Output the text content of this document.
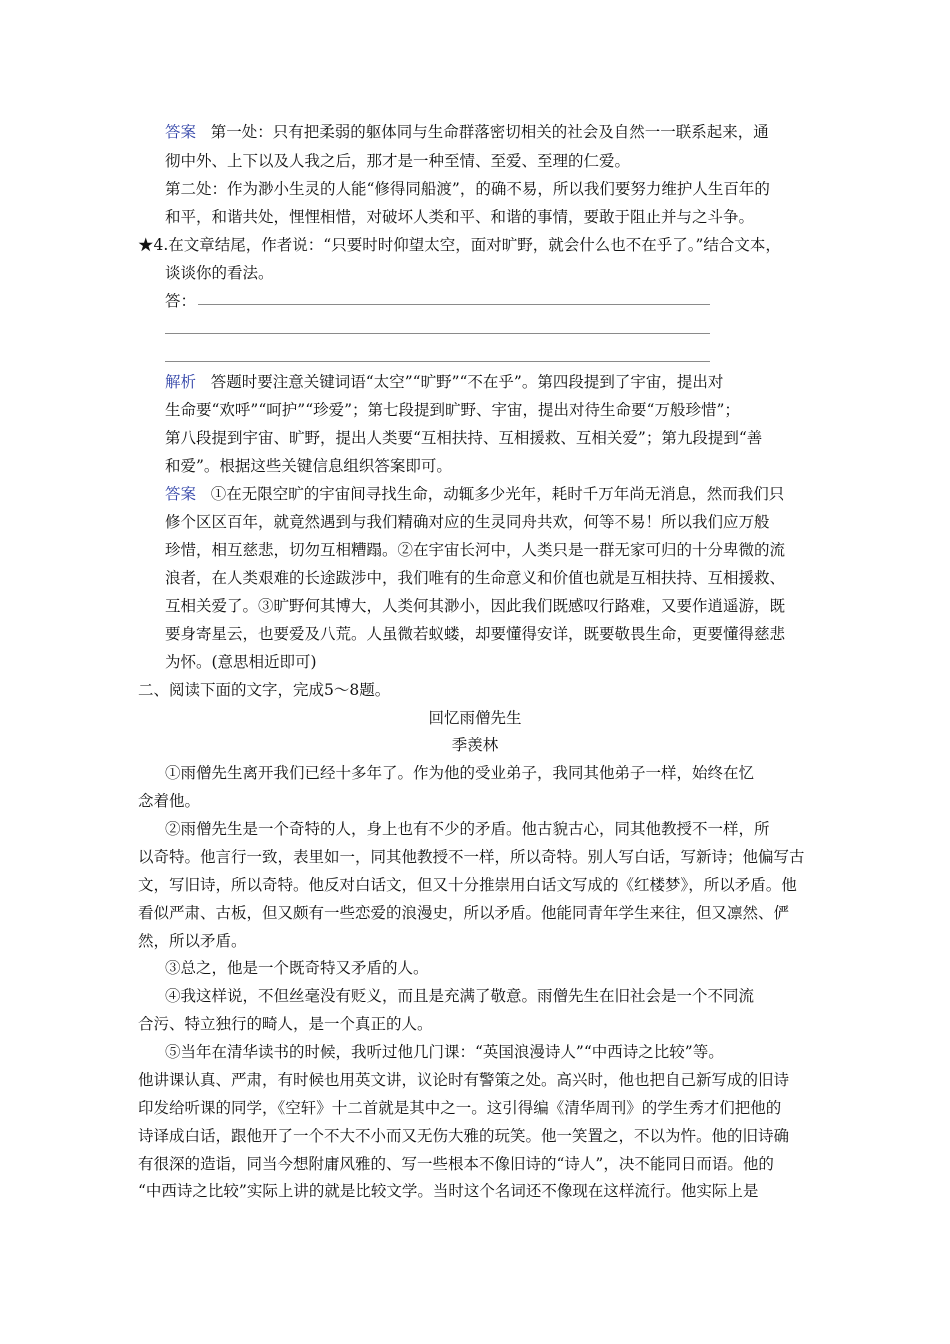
答案 第一处：只有把柔弱的躯体同与生命群落密切相关的社会及自然一一联系起来，通
彻中外、上下以及人我之后，那才是一种至情、至爱、至理的仁爱。
第二处：作为渺小生灵的人能“修得同船渡”，的确不易，所以我们要努力维护人生百年的
和平，和谐共处，悝悝相惜，对破坏人类和平、和谐的事情，要敢于阻止并与之斗争。
★4.在文章结尾，作者说：“只要时时仰望太空，面对旷野，就会什么也不在乎了。”结合文本，
谈谈你的看法。
答：
解析 答题时要注意关键词语“太空”“旷野”“不在乎”。第四段提到了宇宙，提出对
生命要“欢呼”“呵护”“珍爱”；第七段提到旷野、宇宙，提出对待生命要“万般珍惜”；
第八段提到宇宙、旷野，提出人类要“互相扶持、互相援救、互相关爱”；第九段提到“善
和爱”。根据这些关键信息组织答案即可。
答案 ①在无限空旷的宇宙间寻找生命，动辄多少光年，耗时千万年尚无消息，然而我们只
修个区区百年，就竟然遇到与我们精确对应的生灵同舟共欢，何等不易！所以我们应万般
珍惜，相互慈悲，切勿互相糟蹋。②在宇宙长河中，人类只是一群无家可归的十分卑微的流
浪者，在人类艰难的长途跋涉中，我们唯有的生命意义和价值也就是互相扶持、互相援救、
互相关爱了。③旷野何其博大，人类何其渺小，因此我们既感叹行路难，又要作逍遥游，既
要身寄星云，也要爱及八荒。人虽微若蚁蝼，却要懂得安详，既要敬畏生命，更要懂得慈悲
为怀。(意思相近即可)
二、阅读下面的文字，完成5～8题。
回忆雨僧先生
季羡林
①雨僧先生离开我们已经十多年了。作为他的受业弟子，我同其他弟子一样，始终在忆
念着他。
②雨僧先生是一个奇特的人，身上也有不少的矛盾。他古貌古心，同其他教授不一样，所
以奇特。他言行一致，表里如一，同其他教授不一样，所以奇特。别人写白话，写新诗；他偏写古
文，写旧诗，所以奇特。他反对白话文，但又十分推崇用白话文写成的《红楼梦》，所以矛盾。他
看似严肃、古板，但又颇有一些恋爱的浪漫史，所以矛盾。他能同青年学生来往，但又凛然、俨
然，所以矛盾。
③总之，他是一个既奇特又矛盾的人。
④我这样说，不但丝毫没有贬义，而且是充满了敬意。雨僧先生在旧社会是一个不同流
合污、特立独行的畸人，是一个真正的人。
⑤当年在清华读书的时候，我听过他几门课：“英国浪漫诗人”“中西诗之比较”等。
他讲课认真、严肃，有时候也用英文讲，议论时有警策之处。高兴时，他也把自己新写成的旧诗
印发给听课的同学，《空轩》十二首就是其中之一。这引得编《清华周刊》的学生秀才们把他的
诗译成白话，跟他开了一个不大不小而又无伤大雅的玩笑。他一笑置之，不以为忤。他的旧诗确
有很深的造诣，同当今想附庸风雅的、写一些根本不像旧诗的“诗人”，决不能同日而语。他的
“中西诗之比较”实际上讲的就是比较文学。当时这个名词还不像现在这样流行。他实际上是
